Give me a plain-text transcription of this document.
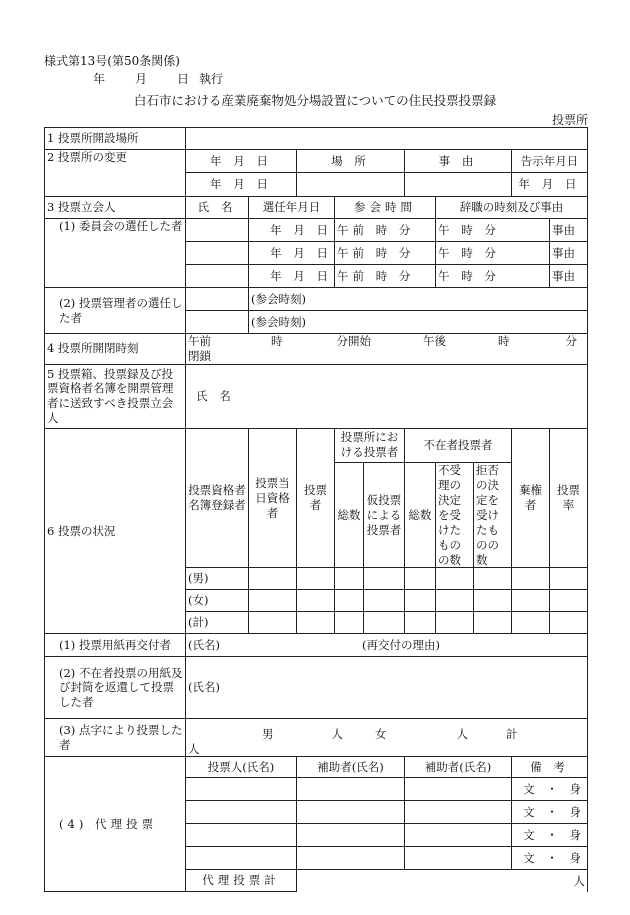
様式第13号(第50条関係)
年	月	日 執行
白石市における産業廃棄物処分場設置についての住民投票投票録
投票所
1 投票所開設場所										
2 投票所の変更	年 月 日		場 所			事 由			告示年月日	
	年 月 日								年 月 日	
3 投票立会人	氏 名	選任年月日		参会時間			辞職の時刻及び事由			
(1) 委員会の選任した者		年 月 日		午前 時 分			午 時 分			事由
		年 月 日		午前 時 分			午 時 分			事由
		年 月 日		午前 時 分			午 時 分			事由
(2) 投票管理者の選任した者		(参会時刻)								
		(参会時刻)								
4 投票所開閉時刻	午前 時 分開始 午後 時 分閉鎖									
5 投票箱、投票録及び投票資格者名簿を開票管理者に送致すべき投票立会人	氏 名									
6 投票の状況	投票資格者名簿登録者	投票当日資格者	投票者	投票所における投票者		不在者投票者			棄権者	投票率
				総数	仮投票による投票者	総数	不受理の決定を受けたものの数	拒否の決定を受けたものの数		
	(男)									
	(女)									
	(計)									
(1) 投票用紙再交付者	(氏名) (再交付の理由)									
(2) 不在者投票の用紙及び封筒を返還して投票した者	(氏名)									
(3) 点字により投票した者	男 人 女 人 計人									
(4) 代理投票	投票人(氏名)		補助者(氏名)			補助者(氏名)			備 考	
									文 ・ 身	
									文 ・ 身	
									文 ・ 身	
									文 ・ 身	
	代理投票計		人							
